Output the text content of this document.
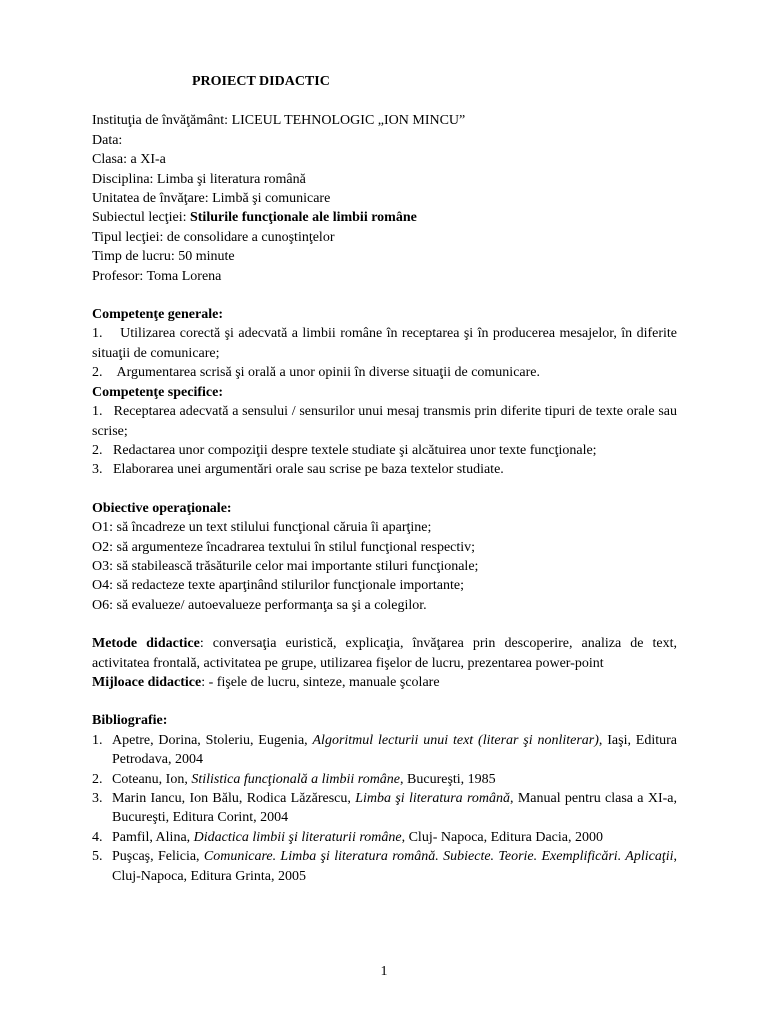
PROIECT DIDACTIC
Instituţia de învăţământ: LICEUL TEHNOLOGIC „ION MINCU”
Data:
Clasa: a XI-a
Disciplina: Limba şi literatura română
Unitatea de învăţare: Limbă şi comunicare
Subiectul lecţiei: Stilurile funcţionale ale limbii române
Tipul lecţiei: de consolidare a cunoştinţelor
Timp de lucru: 50 minute
Profesor: Toma Lorena
Competenţe generale:
1. Utilizarea corectă şi adecvată a limbii române în receptarea şi în producerea mesajelor, în diferite situaţii de comunicare;
2. Argumentarea scrisă şi orală a unor opinii în diverse situaţii de comunicare.
Competenţe specifice:
1. Receptarea adecvată a sensului / sensurilor unui mesaj transmis prin diferite tipuri de texte orale sau scrise;
2. Redactarea unor compoziţii despre textele studiate şi alcătuirea unor texte funcţionale;
3. Elaborarea unei argumentări orale sau scrise pe baza textelor studiate.
Obiective operaţionale:
O1: să încadreze un text stilului funcţional căruia îi aparţine;
O2: să argumenteze încadrarea textului în stilul funcţional respectiv;
O3: să stabilească trăsăturile celor mai importante stiluri funcţionale;
O4: să redacteze texte aparţinând stilurilor funcţionale importante;
O6: să evalueze/ autoevalueze performanţa sa şi a colegilor.
Metode didactice: conversaţia euristică, explicaţia, învăţarea prin descoperire, analiza de text, activitatea frontală, activitatea pe grupe, utilizarea fişelor de lucru, prezentarea power-point
Mijloace didactice: - fişele de lucru, sinteze, manuale şcolare
Bibliografie:
1. Apetre, Dorina, Stoleriu, Eugenia, Algoritmul lecturii unui text (literar şi nonliterar), Iaşi, Editura Petrodava, 2004
2. Coteanu, Ion, Stilistica funcţională a limbii române, Bucureşti, 1985
3. Marin Iancu, Ion Bălu, Rodica Lăzărescu, Limba şi literatura română, Manual pentru clasa a XI-a, Bucureşti, Editura Corint, 2004
4. Pamfil, Alina, Didactica limbii şi literaturii române, Cluj- Napoca, Editura Dacia, 2000
5. Puşcaş, Felicia, Comunicare. Limba şi literatura română. Subiecte. Teorie. Exemplificări. Aplicaţii, Cluj-Napoca, Editura Grinta, 2005
1
